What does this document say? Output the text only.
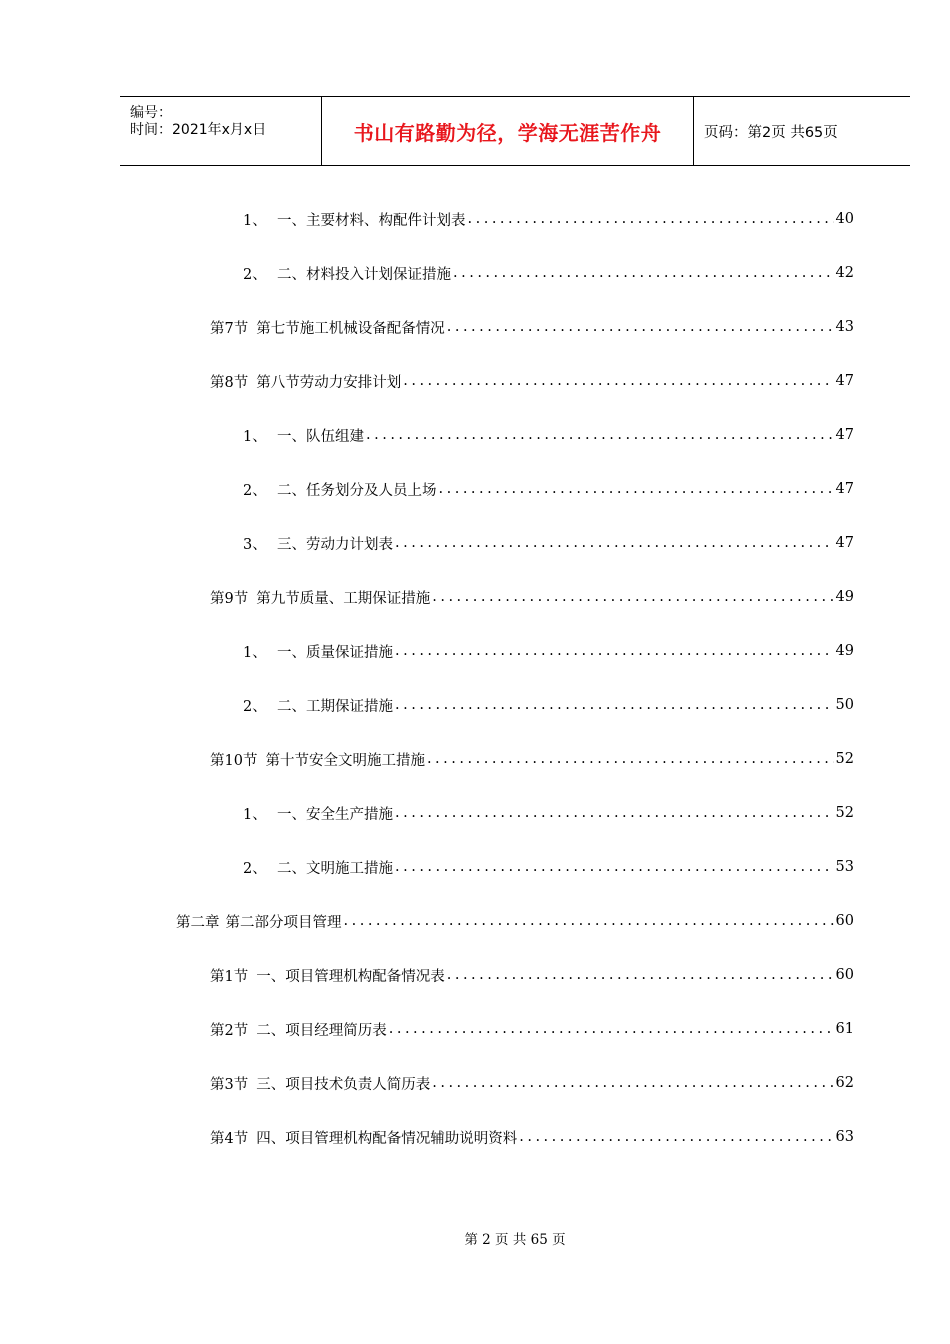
编号：
时间：2021年x月x日	书山有路勤为径，学海无涯苦作舟	页码：第2页 共65页
1、 一、主要材料、构配件计划表 .....	40
2、 二、材料投入计划保证措施 .....	42
第7节 第七节施工机械设备配备情况 .....	43
第8节 第八节劳动力安排计划 .....	47
1、 一、队伍组建 .....	47
2、 二、任务划分及人员上场 .....	47
3、 三、劳动力计划表 .....	47
第9节 第九节质量、工期保证措施 .....	49
1、 一、质量保证措施 .....	49
2、 二、工期保证措施 .....	50
第10节 第十节安全文明施工措施 .....	52
1、 一、安全生产措施 .....	52
2、 二、文明施工措施 .....	53
第二章 第二部分项目管理 .....	60
第1节 一、项目管理机构配备情况表 .....	60
第2节 二、项目经理简历表 .....	61
第3节 三、项目技术负责人简历表 .....	62
第4节 四、项目管理机构配备情况辅助说明资料 .....	63
第 2 页 共 65 页
